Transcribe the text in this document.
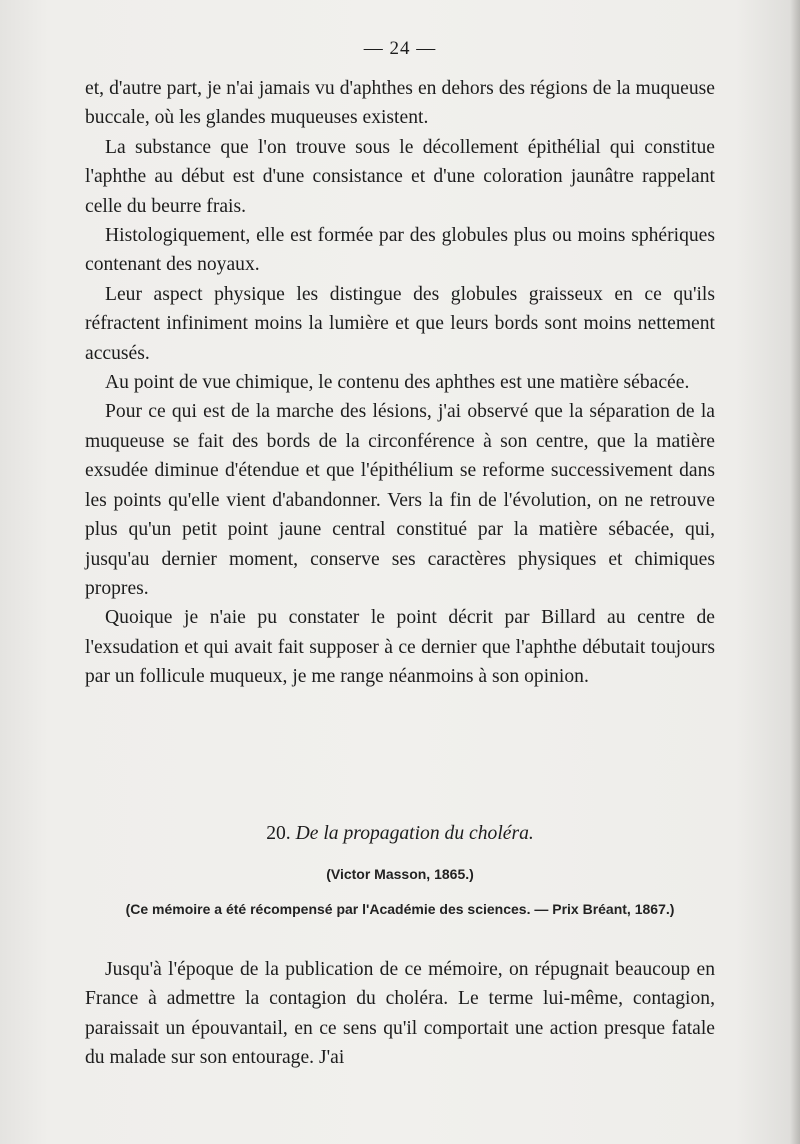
— 24 —

et, d'autre part, je n'ai jamais vu d'aphthes en dehors des régions de la muqueuse buccale, où les glandes muqueuses existent.

La substance que l'on trouve sous le décollement épithélial qui constitue l'aphthe au début est d'une consistance et d'une coloration jaunâtre rappelant celle du beurre frais.

Histologiquement, elle est formée par des globules plus ou moins sphériques contenant des noyaux.

Leur aspect physique les distingue des globules graisseux en ce qu'ils réfractent infiniment moins la lumière et que leurs bords sont moins nettement accusés.

Au point de vue chimique, le contenu des aphthes est une matière sébacée.

Pour ce qui est de la marche des lésions, j'ai observé que la séparation de la muqueuse se fait des bords de la circonférence à son centre, que la matière exsudée diminue d'étendue et que l'épithélium se reforme successivement dans les points qu'elle vient d'abandonner. Vers la fin de l'évolution, on ne retrouve plus qu'un petit point jaune central constitué par la matière sébacée, qui, jusqu'au dernier moment, conserve ses caractères physiques et chimiques propres.

Quoique je n'aie pu constater le point décrit par Billard au centre de l'exsudation et qui avait fait supposer à ce dernier que l'aphthe débutait toujours par un follicule muqueux, je me range néanmoins à son opinion.

20. De la propagation du choléra.
(Victor Masson, 1865.)
(Ce mémoire a été récompensé par l'Académie des sciences. — Prix Bréant, 1867.)

Jusqu'à l'époque de la publication de ce mémoire, on répugnait beaucoup en France à admettre la contagion du choléra. Le terme lui-même, contagion, paraissait un épouvantail, en ce sens qu'il comportait une action presque fatale du malade sur son entourage. J'ai
